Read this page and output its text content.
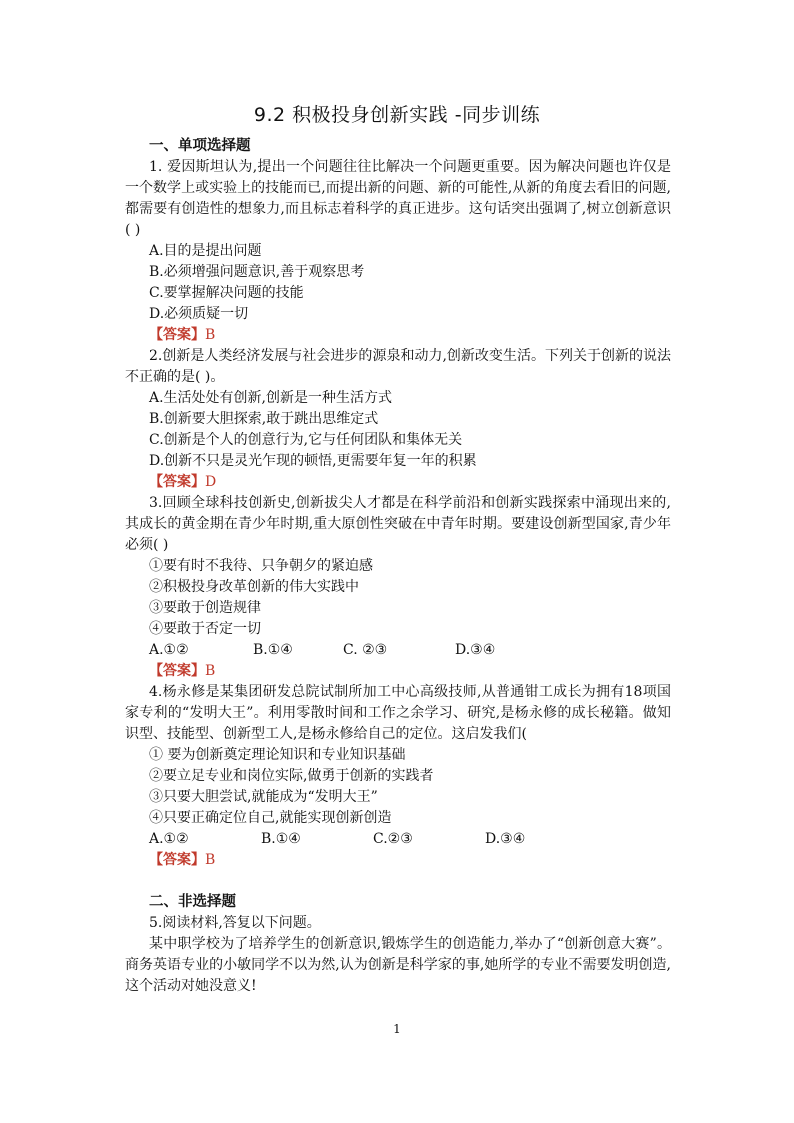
9.2 积极投身创新实践 -同步训练

一、单项选择题

1. 爱因斯坦认为,提出一个问题往往比解决一个问题更重要。因为解决问题也许仅是一个数学上或实验上的技能而已,而提出新的问题、新的可能性,从新的角度去看旧的问题,都需要有创造性的想象力,而且标志着科学的真正进步。这句话突出强调了,树立创新意识( )

A.目的是提出问题

B.必须增强问题意识,善于观察思考

C.要掌握解决问题的技能

D.必须质疑一切

【答案】B

2.创新是人类经济发展与社会进步的源泉和动力,创新改变生活。下列关于创新的说法不正确的是( )。

A.生活处处有创新,创新是一种生活方式

B.创新要大胆探索,敢于跳出思维定式

C.创新是个人的创意行为,它与任何团队和集体无关

D.创新不只是灵光乍现的顿悟,更需要年复一年的积累

【答案】D

3.回顾全球科技创新史,创新拔尖人才都是在科学前沿和创新实践探索中涌现出来的,其成长的黄金期在青少年时期,重大原创性突破在中青年时期。要建设创新型国家,青少年必须( )

①要有时不我待、只争朝夕的紧迫感

②积极投身改革创新的伟大实践中

③要敢于创造规律

④要敢于否定一切

A.①②	B.①④	C. ②③	D.③④

【答案】B

4.杨永修是某集团研发总院试制所加工中心高级技师,从普通钳工成长为拥有18项国家专利的“发明大王”。利用零散时间和工作之余学习、研究,是杨永修的成长秘籍。做知识型、技能型、创新型工人,是杨永修给自己的定位。这启发我们(

① 要为创新奠定理论知识和专业知识基础

②要立足专业和岗位实际,做勇于创新的实践者

③只要大胆尝试,就能成为“发明大王”

④只要正确定位自己,就能实现创新创造

A.①②	B.①④	C.②③	D.③④

【答案】B

二、非选择题

5.阅读材料,答复以下问题。

某中职学校为了培养学生的创新意识,锻炼学生的创造能力,举办了“创新创意大赛”。商务英语专业的小敏同学不以为然,认为创新是科学家的事,她所学的专业不需要发明创造,这个活动对她没意义!

1
